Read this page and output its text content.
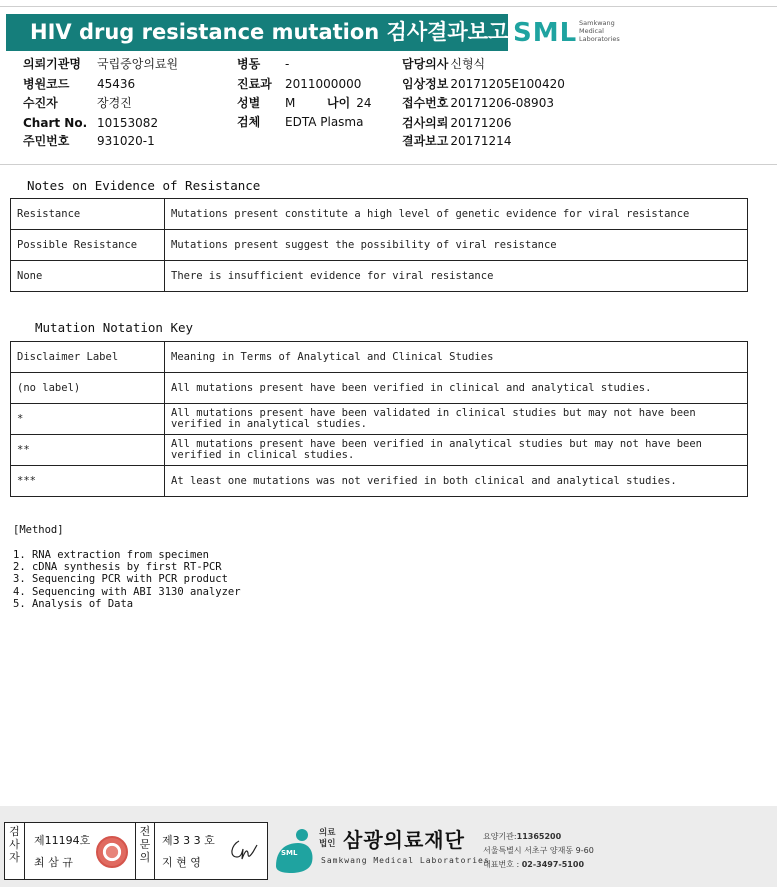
HIV drug resistance mutation 검사결과보고서
SML Samkwang
Medical
Laboratories
의뢰기관명 국립중앙의료원
병원코드 45436
수진자	장경진
Chart No. 10153082
주민번호 931020-1
병동 -
진료과 2011000000
성별 M	나이 24
검체 EDTA Plasma
담당의사 신형식
임상정보 20171205E100420
접수번호 20171206-08903
검사의뢰 20171206
결과보고 20171214
Notes on Evidence of Resistance
Resistance	Mutations present constitute a high level of genetic evidence for viral resistance
Possible Resistance	Mutations present suggest the possibility of viral resistance
None	There is insufficient evidence for viral resistance
Mutation Notation Key
Disclaimer Label	Meaning in Terms of Analytical and Clinical Studies
(no label)	All mutations present have been verified in clinical and analytical studies.
*	All mutations present have been validated in clinical studies but may not have been verified in analytical studies.
**	All mutations present have been verified in analytical studies but may not have been verified in clinical studies.
***	At least one mutations was not verified in both clinical and analytical studies.
[Method]
1. RNA extraction from specimen
2. cDNA synthesis by first RT-PCR
3. Sequencing PCR with PCR product
4. Sequencing with ABI 3130 analyzer
5. Analysis of Data
검
사
자
제11194호
최 삼 규
전
문
의
제3 3 3 호
지 현 영
SML
의료
법인 삼광의료재단
Samkwang Medical Laboratories
요양기관:11365200
서울특별시 서초구 양재동 9-60
대표번호 : 02-3497-5100
